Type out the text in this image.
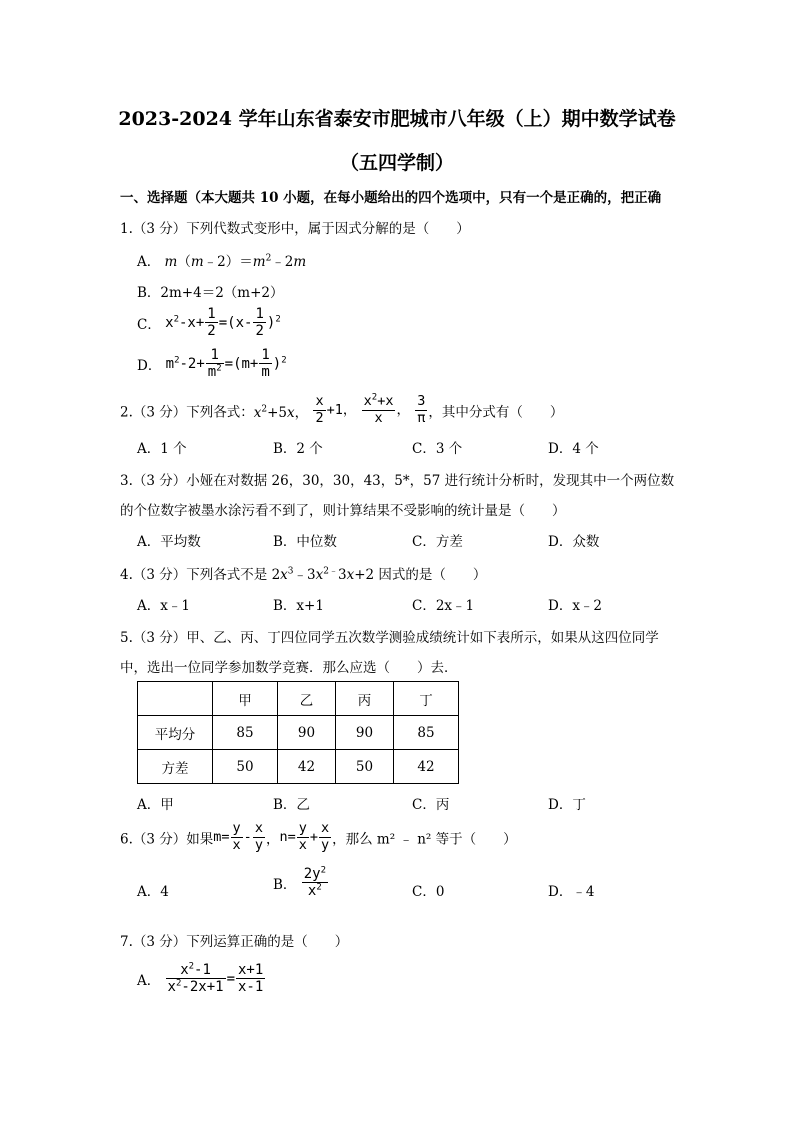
2023-2024 学年山东省泰安市肥城市八年级（上）期中数学试卷
（五四学制）
一、选择题（本大题共 10 小题，在每小题给出的四个选项中，只有一个是正确的，把正确
1.（3 分）下列代数式变形中，属于因式分解的是（　　）
A． $m(m﹣2)=m^2﹣2m$
B．2m+4＝2（m+2）
C． $x^2-x+ \frac{1}{2} =(x- \frac{1}{2} )^2$
D． $m^2-2+ \frac{1}{m^2} =(m+ \frac{1}{m} )^2$
2.（3 分）下列各式：$x^2+5x$， $\frac{x}{2} +1$， $\frac{x^2+x}{x}$ ， $\frac{3}{\pi}$ ，其中分式有（　　）
A．1 个	B．2 个	C．3 个	D．4 个
3.（3 分）小娅在对数据 26，30，30，43，5*，57 进行统计分析时，发现其中一个两位数
的个位数字被墨水涂污看不到了，则计算结果不受影响的统计量是（　　）
A．平均数	B．中位数	C．方差	D．众数
4.（3 分）下列各式不是 $2x^3﹣3x^{2﹣}3x+2$ 因式的是（　　）
A．x﹣1	B．x+1	C．2x﹣1	D．x﹣2
5.（3 分）甲、乙、丙、丁四位同学五次数学测验成绩统计如下表所示，如果从这四位同学
中，选出一位同学参加数学竞赛．那么应选（　　）去．
	甲	乙	丙	丁
平均分	85	90	90	85
方差	50	42	50	42
A．甲	B．乙	C．丙	D．丁
6.（3 分）如果$m= \frac{y}{x} - \frac{x}{y}$ ，$n= \frac{y}{x} + \frac{x}{y}$ ，那么 m² ﹣ n² 等于（　　）
A．4	B． $\frac{2y^2}{x^2}$	C．0	D．﹣4
7.（3 分）下列运算正确的是（　　）
A． $\frac{x^2-1}{x^2-2x+1} = \frac{x+1}{x-1}$
